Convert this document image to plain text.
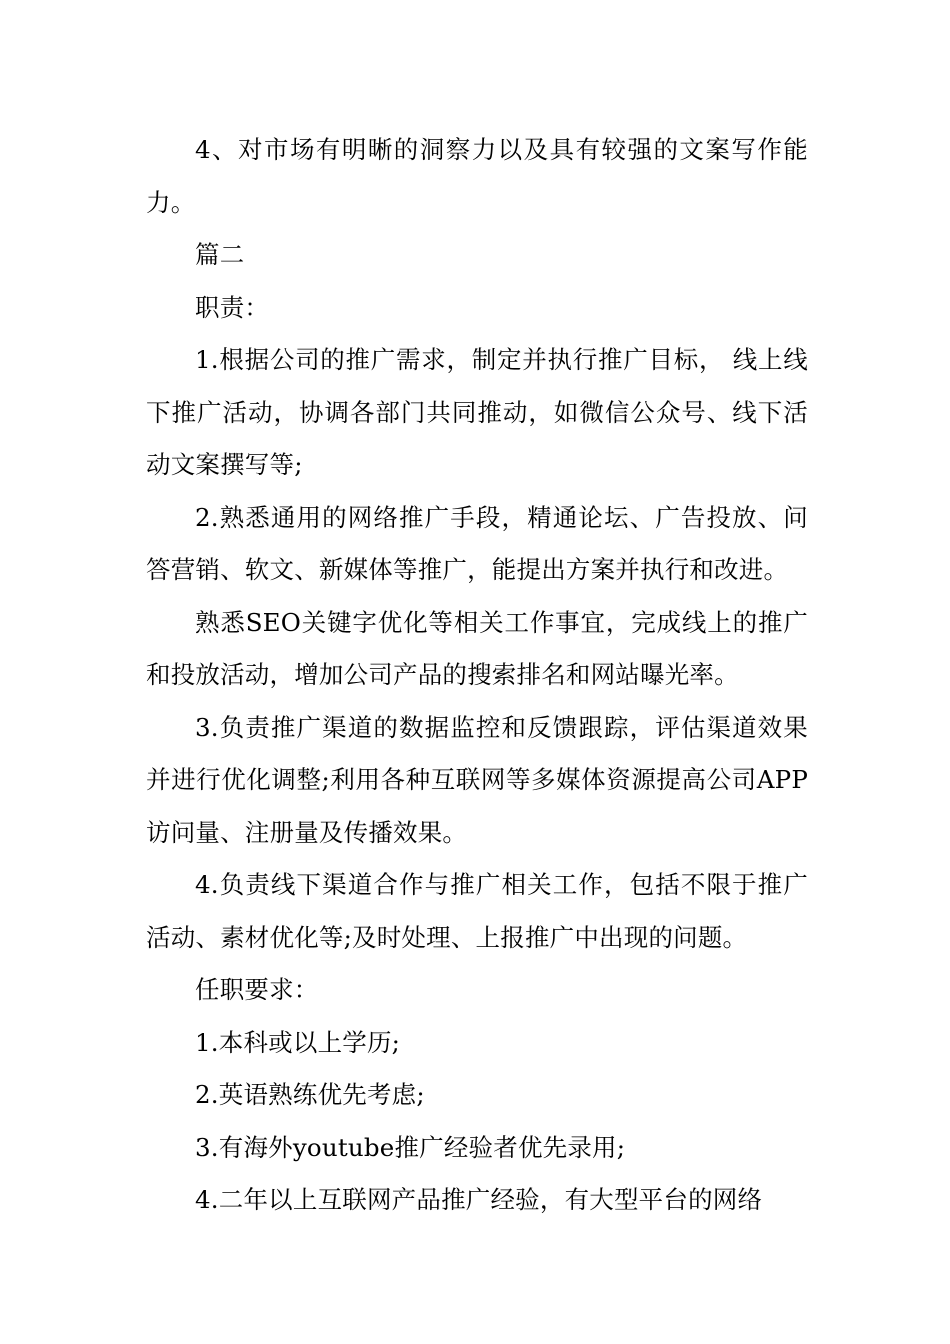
4、对市场有明晰的洞察力以及具有较强的文案写作能力。

篇二

职责：

1.根据公司的推广需求，制定并执行推广目标， 线上线下推广活动，协调各部门共同推动，如微信公众号、线下活动文案撰写等;

2.熟悉通用的网络推广手段，精通论坛、广告投放、问答营销、软文、新媒体等推广，能提出方案并执行和改进。

熟悉SEO关键字优化等相关工作事宜，完成线上的推广和投放活动，增加公司产品的搜索排名和网站曝光率。

3.负责推广渠道的数据监控和反馈跟踪，评估渠道效果并进行优化调整;利用各种互联网等多媒体资源提高公司APP访问量、注册量及传播效果。

4.负责线下渠道合作与推广相关工作，包括不限于推广活动、素材优化等;及时处理、上报推广中出现的问题。

任职要求：

1.本科或以上学历;

2.英语熟练优先考虑;

3.有海外youtube推广经验者优先录用;

4.二年以上互联网产品推广经验，有大型平台的网络
